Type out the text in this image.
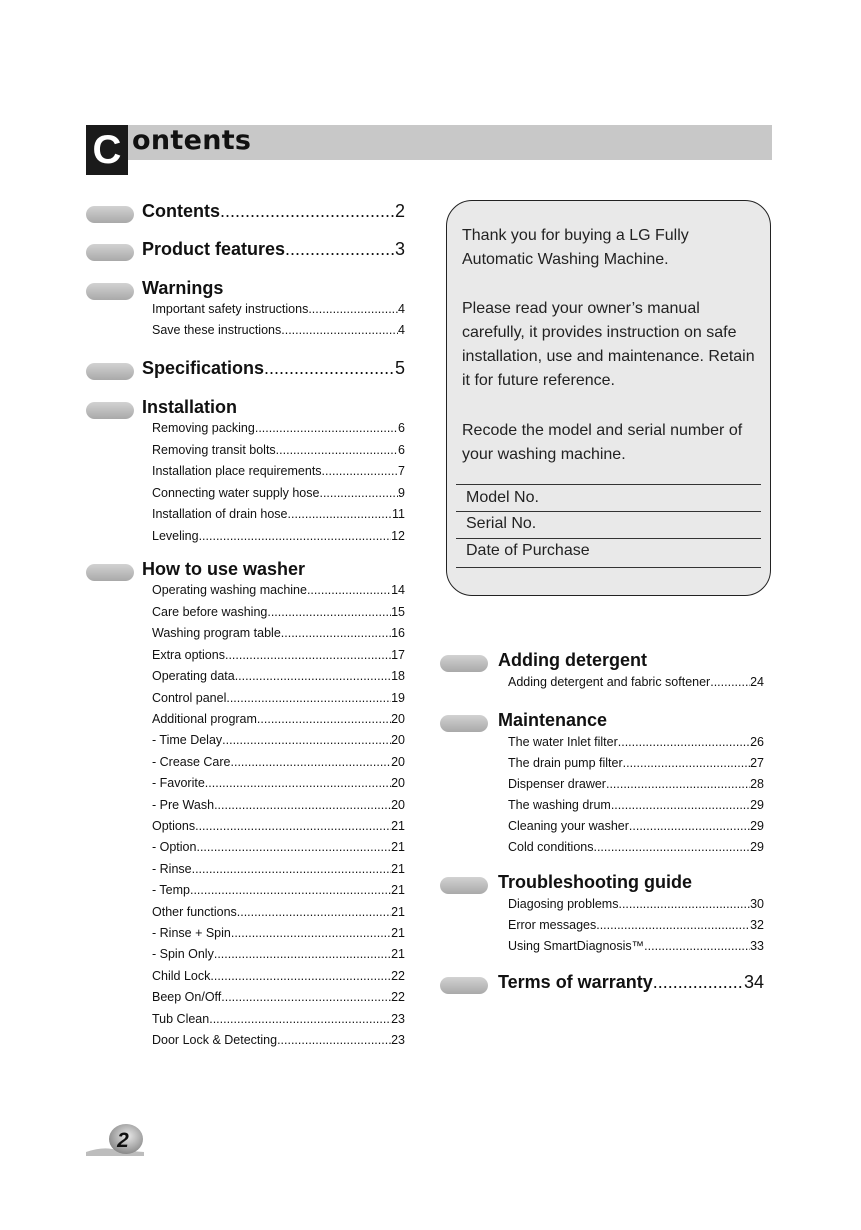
C ontents
Contents .....	2
Product features .....	3
Warnings
Important safety instructions .....	4
Save these instructions .....	4
Specifications .....	5
Installation
Removing packing .....	6
Removing transit bolts .....	6
Installation place requirements .....	7
Connecting water supply hose .....	9
Installation of drain hose .....	11
Leveling .....	12
How to use washer
Operating washing machine .....	14
Care before washing .....	15
Washing program table .....	16
Extra options .....	17
Operating data .....	18
Control panel .....	19
Additional program .....	20
- Time Delay .....	20
- Crease Care .....	20
- Favorite .....	20
- Pre Wash .....	20
Options .....	21
- Option .....	21
- Rinse .....	21
- Temp. .....	21
Other functions .....	21
- Rinse + Spin .....	21
- Spin Only .....	21
Child Lock .....	22
Beep On/Off .....	22
Tub Clean .....	23
Door Lock & Detecting .....	23
Thank you for buying a LG Fully Automatic Washing Machine.
Please read your owner’s manual carefully, it provides instruction on safe installation, use and maintenance. Retain it for future reference.
Recode the model and serial number of your washing machine.
Model No.
Serial No.
Date of Purchase
Adding detergent
Adding detergent and fabric softener .....	24
Maintenance
The water Inlet filter .....	26
The drain pump filter .....	27
Dispenser drawer .....	28
The washing drum .....	29
Cleaning your washer .....	29
Cold conditions .....	29
Troubleshooting guide
Diagosing problems .....	30
Error messages .....	32
Using SmartDiagnosis™ .....	33
Terms of warranty .....	34
2
